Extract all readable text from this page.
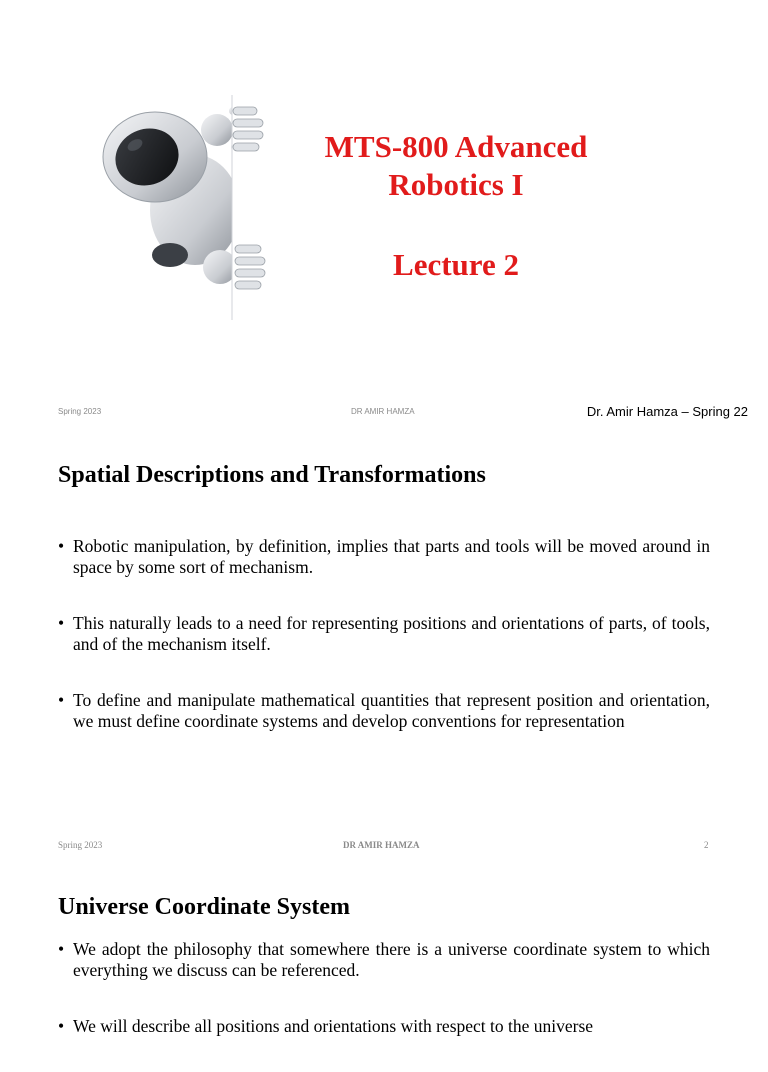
MTS-800 Advanced
Robotics I
Lecture 2
Spring 2023	DR AMIR HAMZA	Dr. Amir Hamza – Spring 22
Spatial Descriptions and Transformations
• Robotic manipulation, by definition, implies that parts and tools will be moved around in space by some sort of mechanism.
• This naturally leads to a need for representing positions and orientations of parts, of tools, and of the mechanism itself.
• To define and manipulate mathematical quantities that represent position and orientation, we must define coordinate systems and develop conventions for representation
Spring 2023	DR AMIR HAMZA	2
Universe Coordinate System
• We adopt the philosophy that somewhere there is a universe coordinate system to which everything we discuss can be referenced.
• We will describe all positions and orientations with respect to the universe
